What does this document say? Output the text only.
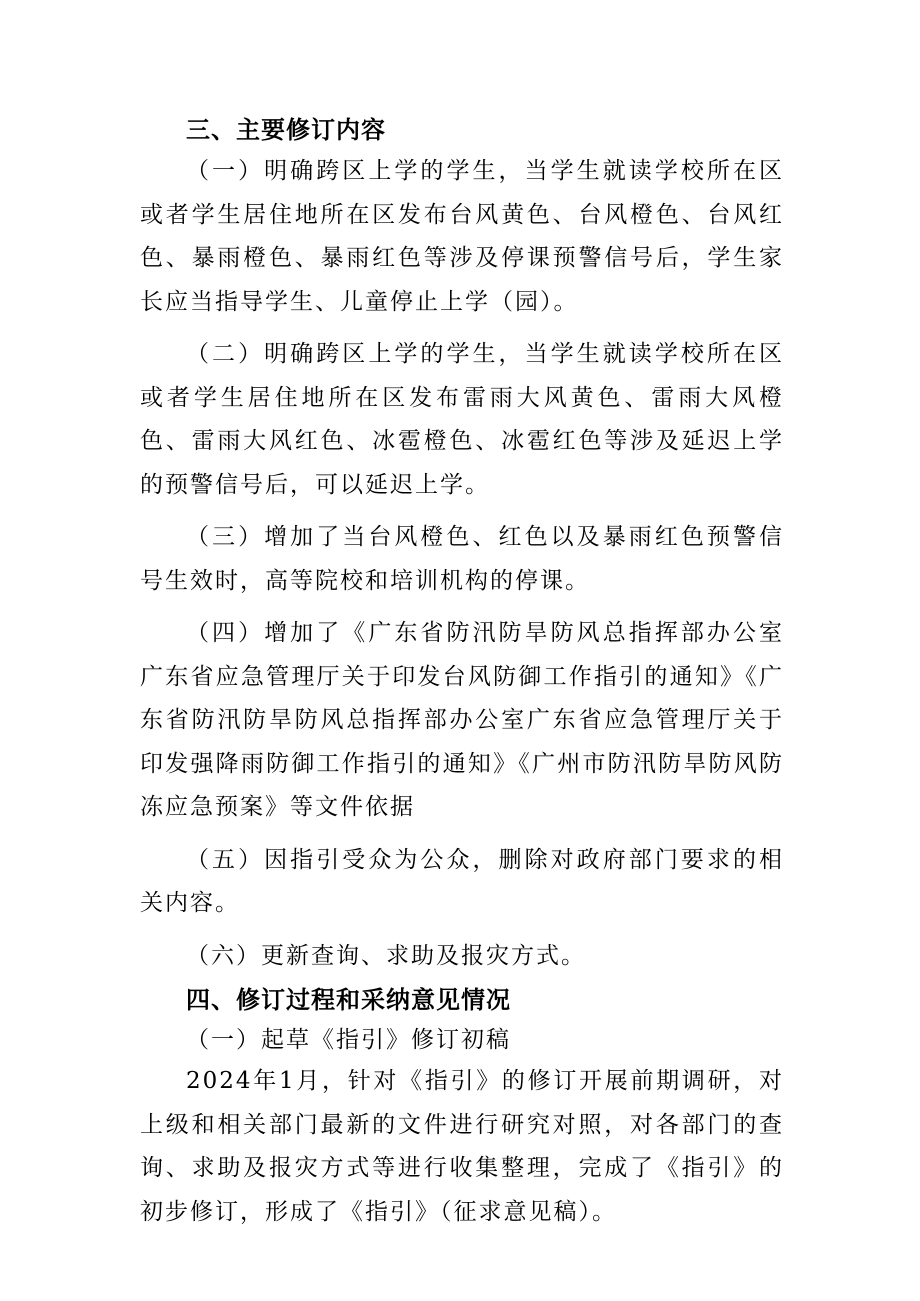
三、主要修订内容

（一）明确跨区上学的学生，当学生就读学校所在区或者学生居住地所在区发布台风黄色、台风橙色、台风红色、暴雨橙色、暴雨红色等涉及停课预警信号后，学生家长应当指导学生、儿童停止上学（园）。

（二）明确跨区上学的学生，当学生就读学校所在区或者学生居住地所在区发布雷雨大风黄色、雷雨大风橙色、雷雨大风红色、冰雹橙色、冰雹红色等涉及延迟上学的预警信号后，可以延迟上学。

（三）增加了当台风橙色、红色以及暴雨红色预警信号生效时，高等院校和培训机构的停课。

（四）增加了《广东省防汛防旱防风总指挥部办公室广东省应急管理厅关于印发台风防御工作指引的通知》《广东省防汛防旱防风总指挥部办公室广东省应急管理厅关于印发强降雨防御工作指引的通知》《广州市防汛防旱防风防冻应急预案》等文件依据

（五）因指引受众为公众，删除对政府部门要求的相关内容。

（六）更新查询、求助及报灾方式。

四、修订过程和采纳意见情况

（一）起草《指引》修订初稿

2024年1月，针对《指引》的修订开展前期调研，对上级和相关部门最新的文件进行研究对照，对各部门的查询、求助及报灾方式等进行收集整理，完成了《指引》的初步修订，形成了《指引》（征求意见稿）。
